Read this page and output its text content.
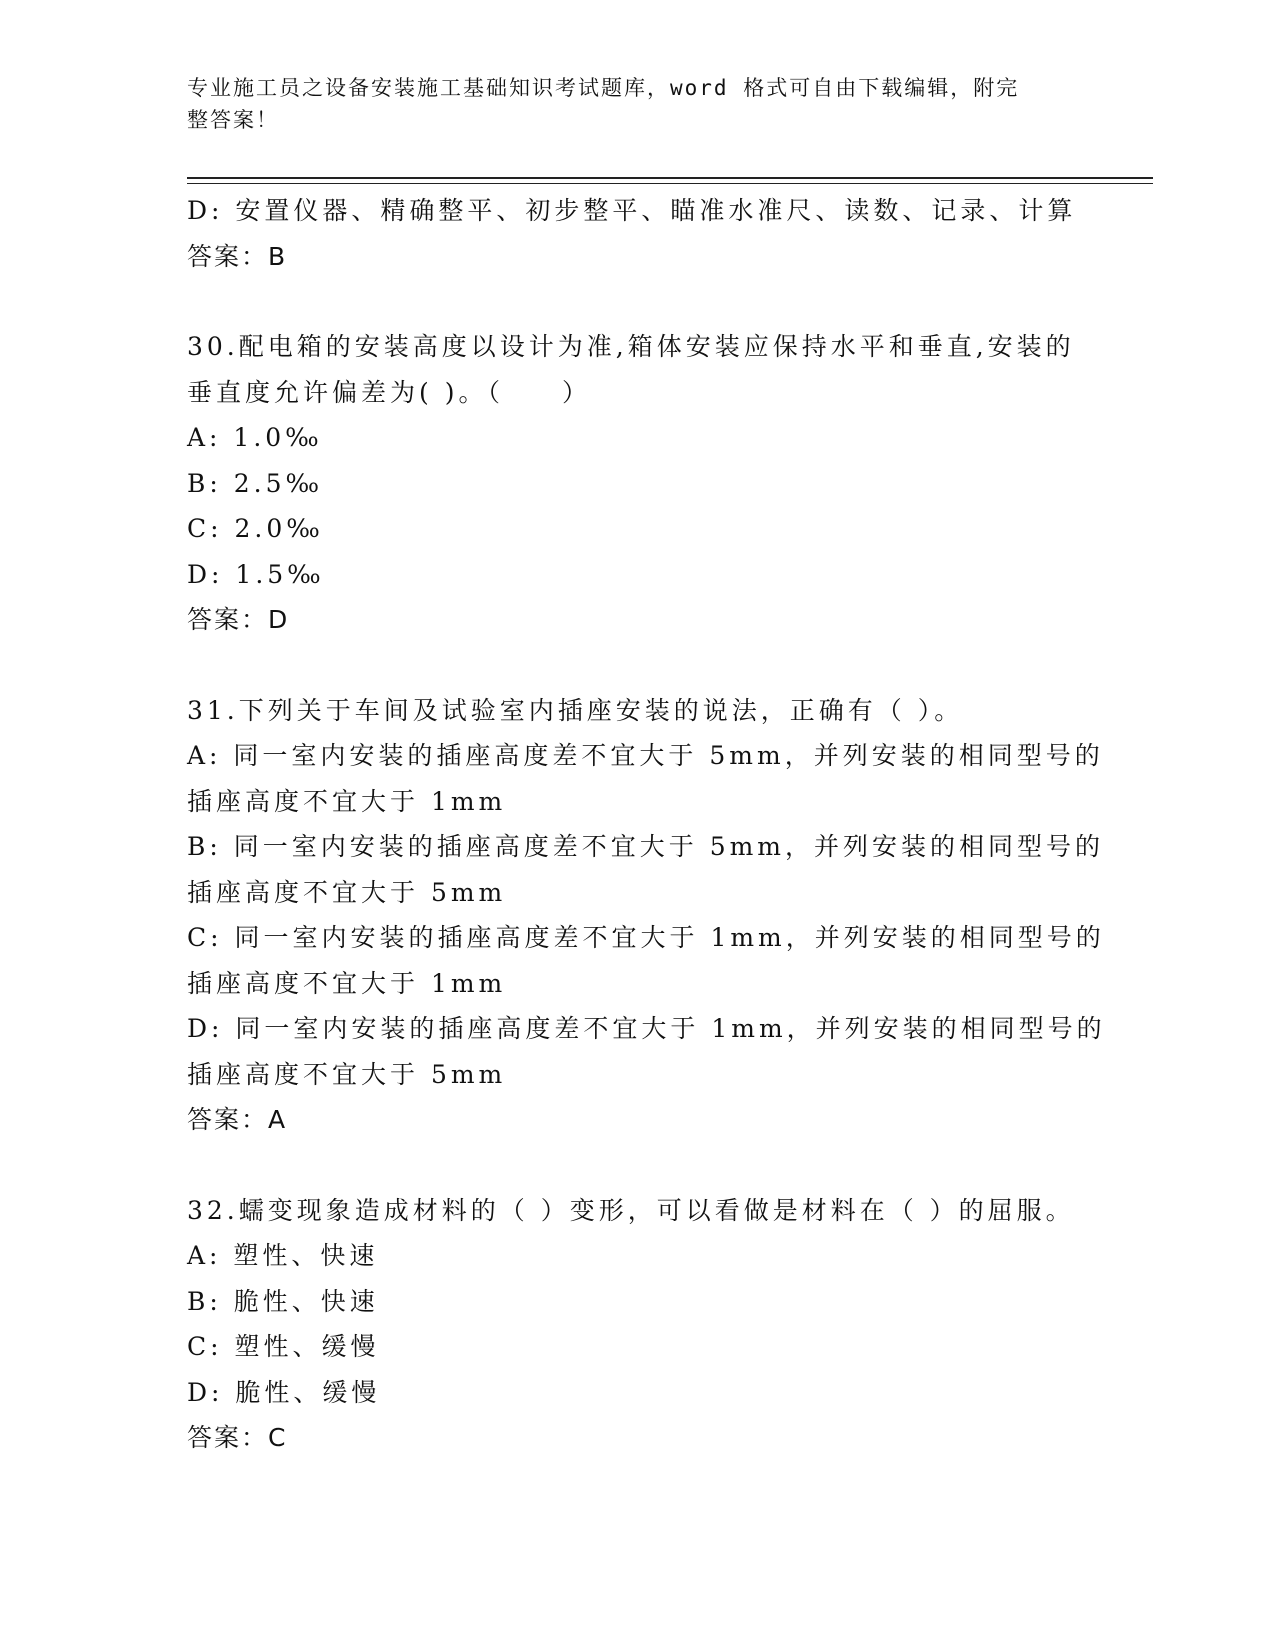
专业施工员之设备安装施工基础知识考试题库，word 格式可自由下载编辑，附完
整答案！
D: 安置仪器、精确整平、初步整平、瞄准水准尺、读数、记录、计算
答案：B
30.配电箱的安装高度以设计为准,箱体安装应保持水平和垂直,安装的
垂直度允许偏差为( )。（　　）
A: 1.0‰
B: 2.5‰
C: 2.0‰
D: 1.5‰
答案：D
31.下列关于车间及试验室内插座安装的说法，正确有（ ）。
A: 同一室内安装的插座高度差不宜大于 5mm，并列安装的相同型号的
插座高度不宜大于 1mm
B: 同一室内安装的插座高度差不宜大于 5mm，并列安装的相同型号的
插座高度不宜大于 5mm
C: 同一室内安装的插座高度差不宜大于 1mm，并列安装的相同型号的
插座高度不宜大于 1mm
D: 同一室内安装的插座高度差不宜大于 1mm，并列安装的相同型号的
插座高度不宜大于 5mm
答案：A
32.蠕变现象造成材料的（ ）变形，可以看做是材料在（ ）的屈服。
A: 塑性、快速
B: 脆性、快速
C: 塑性、缓慢
D: 脆性、缓慢
答案：C
